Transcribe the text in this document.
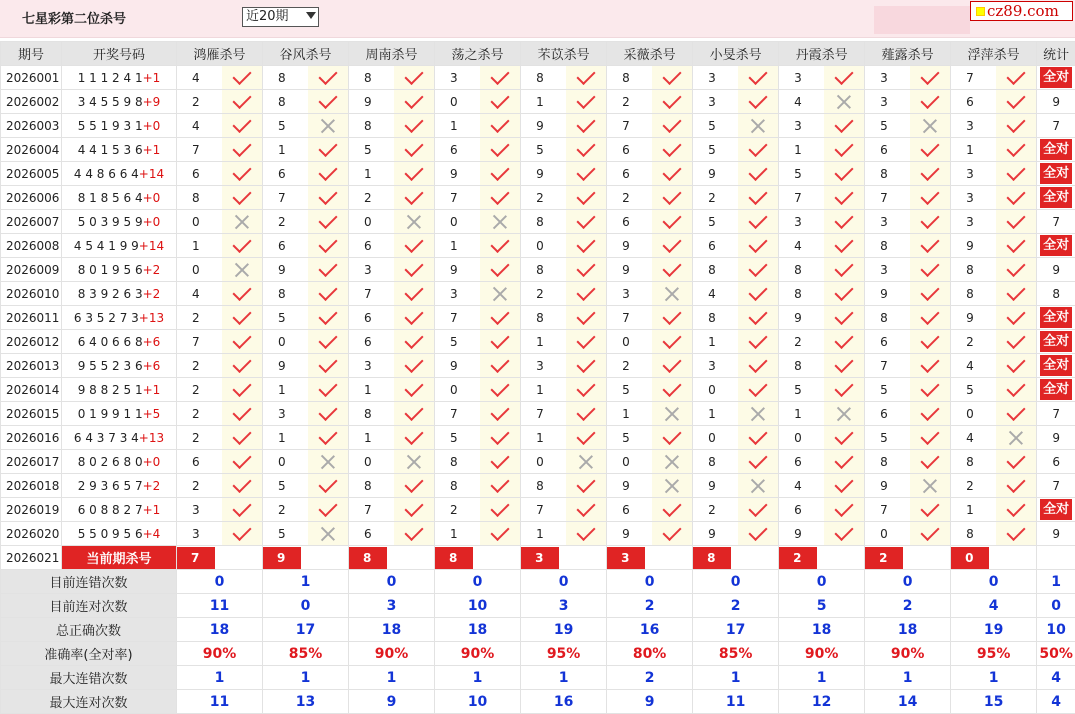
七星彩第二位杀号	近20期	cz89.com
期号	开奖号码	鸿雁杀号		谷风杀号		周南杀号		荡之杀号		芣苡杀号		采薇杀号		小旻杀号		丹霞杀号		薤露杀号		浮萍杀号		统计
2026001	1 1 1 2 4 1+1	4		8		8		3		8		8		3		3		3		7		全对
2026002	3 4 5 5 9 8+9	2		8		9		0		1		2		3		4		3		6		9
2026003	5 5 1 9 3 1+0	4		5		8		1		9		7		5		3		5		3		7
2026004	4 4 1 5 3 6+1	7		1		5		6		5		6		5		1		6		1		全对
2026005	4 4 8 6 6 4+14	6		6		1		9		9		6		9		5		8		3		全对
2026006	8 1 8 5 6 4+0	8		7		2		7		2		2		2		7		7		3		全对
2026007	5 0 3 9 5 9+0	0		2		0		0		8		6		5		3		3		3		7
2026008	4 5 4 1 9 9+14	1		6		6		1		0		9		6		4		8		9		全对
2026009	8 0 1 9 5 6+2	0		9		3		9		8		9		8		8		3		8		9
2026010	8 3 9 2 6 3+2	4		8		7		3		2		3		4		8		9		8		8
2026011	6 3 5 2 7 3+13	2		5		6		7		8		7		8		9		8		9		全对
2026012	6 4 0 6 6 8+6	7		0		6		5		1		0		1		2		6		2		全对
2026013	9 5 5 2 3 6+6	2		9		3		9		3		2		3		8		7		4		全对
2026014	9 8 8 2 5 1+1	2		1		1		0		1		5		0		5		5		5		全对
2026015	0 1 9 9 1 1+5	2		3		8		7		7		1		1		1		6		0		7
2026016	6 4 3 7 3 4+13	2		1		1		5		1		5		0		0		5		4		9
2026017	8 0 2 6 8 0+0	6		0		0		8		0		0		8		6		8		8		6
2026018	2 9 3 6 5 7+2	2		5		8		8		8		9		9		4		9		2		7
2026019	6 0 8 8 2 7+1	3		2		7		2		7		6		2		6		7		1		全对
2026020	5 5 0 9 5 6+4	3		5		6		1		1		9		9		9		0		8		9
2026021	当前期杀号	7		9		8		8		3		3		8		2		2		0		

目前连错次数		0		1		0		0		0		0		0		0		0		0		1
目前连对次数		11		0		3		10		3		2		2		5		2		4		0
总正确次数		18		17		18		18		19		16		17		18		18		19		10
准确率(全对率)		90%		85%		90%		90%		95%		80%		85%		90%		90%		95%		50%
最大连错次数		1		1		1		1		1		2		1		1		1		1		4
最大连对次数		11		13		9		10		16		9		11		12		14		15		4
